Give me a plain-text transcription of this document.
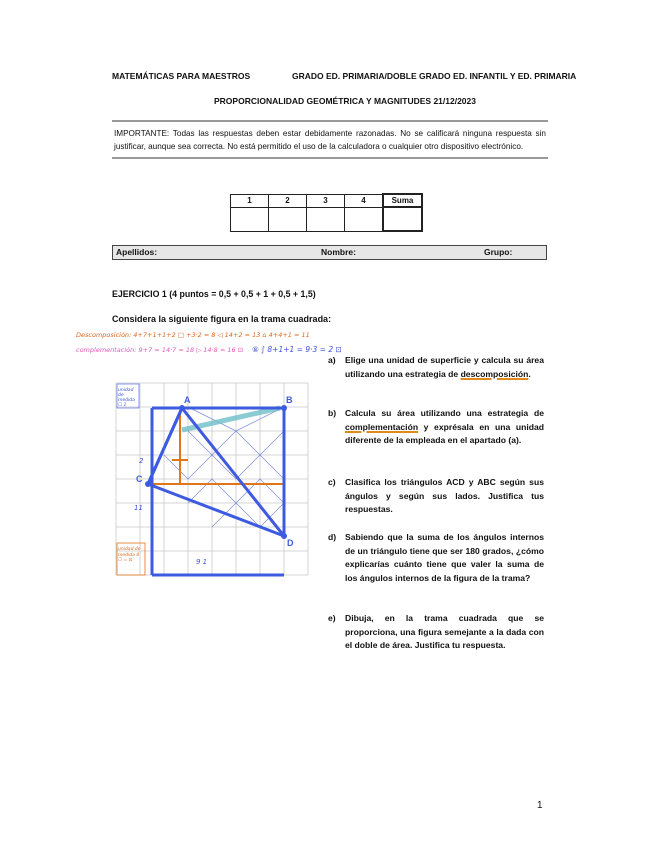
MATEMÁTICAS PARA MAESTROS	GRADO ED. PRIMARIA/DOBLE GRADO ED. INFANTIL Y ED. PRIMARIA
PROPORCIONALIDAD GEOMÉTRICA Y MAGNITUDES 21/12/2023
IMPORTANTE: Todas las respuestas deben estar debidamente razonadas. No se calificará ninguna respuesta sin justificar, aunque sea correcta. No está permitido el uso de la calculadora o cualquier otro dispositivo electrónico.
1	2	3	4	Suma

Apellidos:	Nombre:	Grupo:
EJERCICIO 1 (4 puntos = 0,5 + 0,5 + 1 + 0,5 + 1,5)
Considera la siguiente figura en la trama cuadrada:
Descomposición: 4+7+1+1+2 □ +3·2 = 8 ◁ 14+2 = 13 ⌂ 4+4+1 = 11
complementación: 9+7 = 14·7 = 18 ▷ 14·8 = 16 ⊡ ⑧ ∫ 8+1+1 = 9·3 = 2 ⊡
A	B
C
D
unidad de medida ☐ 1
unidad de medida 4 ☐ = ⊡
2
9 1
11
a) Elige una unidad de superficie y calcula su área utilizando una estrategia de descomposición.
b) Calcula su área utilizando una estrategia de complementación y exprésala en una unidad diferente de la empleada en el apartado (a).
c) Clasifica los triángulos ACD y ABC según sus ángulos y según sus lados. Justifica tus respuestas.
d) Sabiendo que la suma de los ángulos internos de un triángulo tiene que ser 180 grados, ¿cómo explicarías cuánto tiene que valer la suma de los ángulos internos de la figura de la trama?
e) Dibuja, en la trama cuadrada que se proporciona, una figura semejante a la dada con el doble de área. Justifica tu respuesta.
1
